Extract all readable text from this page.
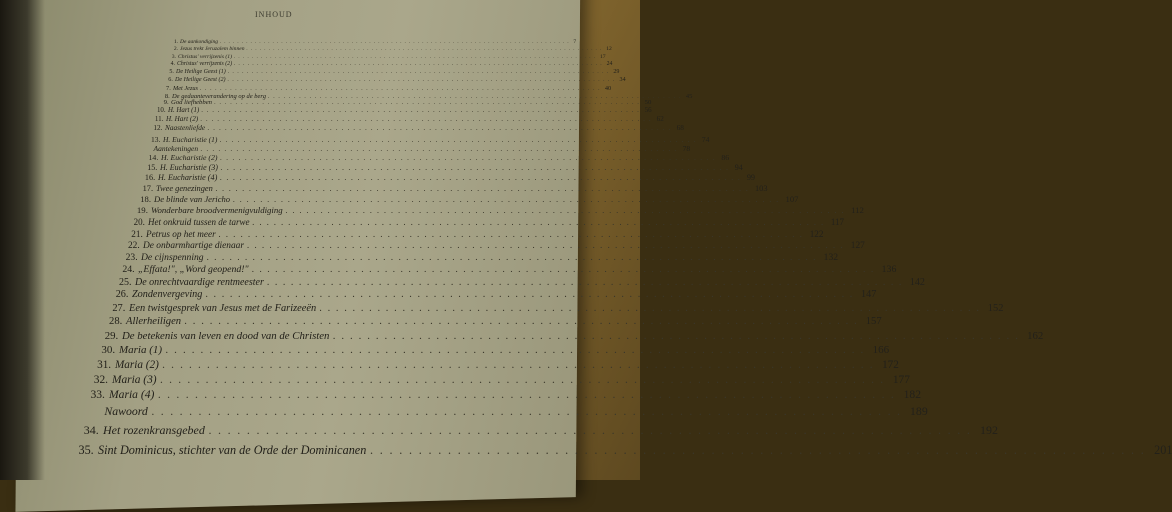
INHOUD
1. De aankondiging ................................................................................ 7
2. Jezus trekt Jeruzalem binnen ................................................................................ 12
3. Christus' verrijzenis (1) ................................................................................ 17
4. Christus' verrijzenis (2) ................................................................................ 24
5. De Heilige Geest (1) ................................................................................ 29
6. De Heilige Geest (2) ................................................................................ 34
7. Met Jezus ................................................................................ 40
8. De gedaanteverandering op de berg ................................................................................ 45
9. God liefhebben ................................................................................ 50
10. H. Hart (1) ................................................................................ 56
11. H. Hart (2) ................................................................................ 62
12. Naastenliefde ................................................................................ 68
13. H. Eucharistie (1) ................................................................................ 74
Aantekeningen ................................................................................ 78
14. H. Eucharistie (2) ................................................................................ 86
15. H. Eucharistie (3) ................................................................................ 94
16. H. Eucharistie (4) ................................................................................ 99
17. Twee genezingen ................................................................................ 103
18. De blinde van Jericho ................................................................................ 107
19. Wonderbare broodvermenigvuldiging ................................................................................ 112
20. Het onkruid tussen de tarwe ................................................................................ 117
21. Petrus op het meer ................................................................................ 122
22. De onbarmhartige dienaar ................................................................................ 127
23. De cijnspenning ................................................................................ 132
24. „Effata!", „Word geopend!" ................................................................................ 136
25. De onrechtvaardige rentmeester ................................................................................ 142
26. Zondenvergeving ................................................................................ 147
27. Een twistgesprek van Jesus met de Farizeeën ................................................................................ 152
28. Allerheiligen ................................................................................ 157
29. De betekenis van leven en dood van de Christen ................................................................................ 162
30. Maria (1) ................................................................................ 166
31. Maria (2) ................................................................................ 172
32. Maria (3) ................................................................................ 177
33. Maria (4) ................................................................................ 182
Nawoord ................................................................................ 189
34. Het rozenkransgebed ................................................................................ 192
35. Sint Dominicus, stichter van de Orde der Dominicanen ................................................................................ 201
